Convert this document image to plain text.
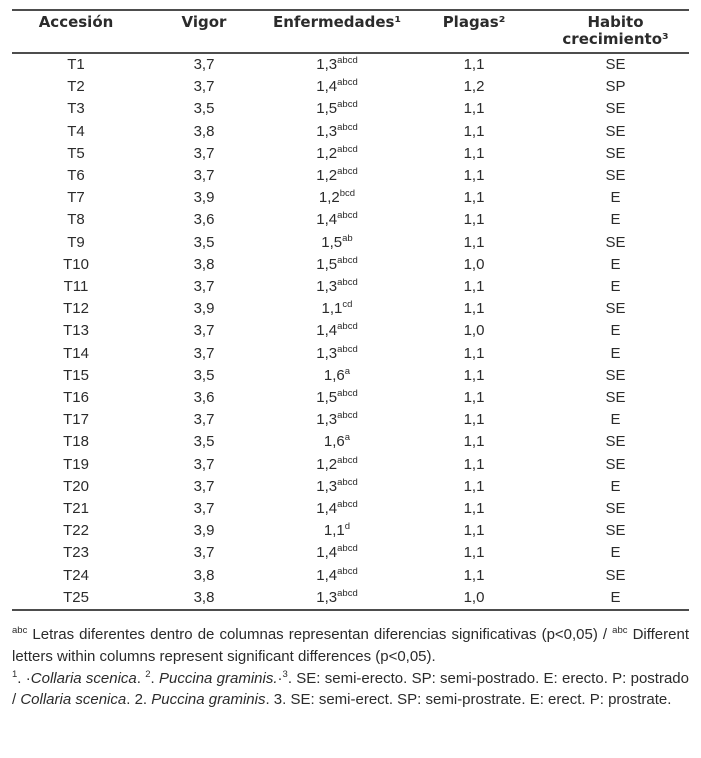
Accesión	Vigor	Enfermedades¹	Plagas²	Habito crecimiento³
T1	3,7	$1,3^{abcd}$	1,1	SE
T2	3,7	$1,4^{abcd}$	1,2	SP
T3	3,5	$1,5^{abcd}$	1,1	SE
T4	3,8	$1,3^{abcd}$	1,1	SE
T5	3,7	$1,2^{abcd}$	1,1	SE
T6	3,7	$1,2^{abcd}$	1,1	SE
T7	3,9	1,2$^{bcd}$	1,1	E
T8	3,6	$1,4^{abcd}$	1,1	E
T9	3,5	1,5$^{ab}$	1,1	SE
T10	3,8	$1,5^{abcd}$	1,0	E
T11	3,7	$1,3^{abcd}$	1,1	E
T12	3,9	1,1$^{cd}$	1,1	SE
T13	3,7	$1,4^{abcd}$	1,0	E
T14	3,7	$1,3^{abcd}$	1,1	E
T15	3,5	1,6$^a$	1,1	SE
T16	3,6	$1,5^{abcd}$	1,1	SE
T17	3,7	$1,3^{abcd}$	1,1	E
T18	3,5	1,6$^a$	1,1	SE
T19	3,7	$1,2^{abcd}$	1,1	SE
T20	3,7	$1,3^{abcd}$	1,1	E
T21	3,7	$1,4^{abcd}$	1,1	SE
T22	3,9	1,1$^d$	1,1	SE
T23	3,7	$1,4^{abcd}$	1,1	E
T24	3,8	$1,4^{abcd}$	1,1	SE
T25	3,8	$1,3^{abcd}$	1,0	E

$^{abc}$ Letras diferentes dentro de columnas representan diferencias significativas (p<0,05) / $^{abc}$ Different letters within columns represent significant differences (p<0,05).

$^1$. ·Collaria scenica. $^2$. Puccina graminis.·$^3$. SE: semi-erecto. SP: semi-postrado. E: erecto. P: postrado / Collaria scenica. 2. Puccina graminis. 3. SE: semi-erect. SP: semi-prostrate. E: erect. P: prostrate.
